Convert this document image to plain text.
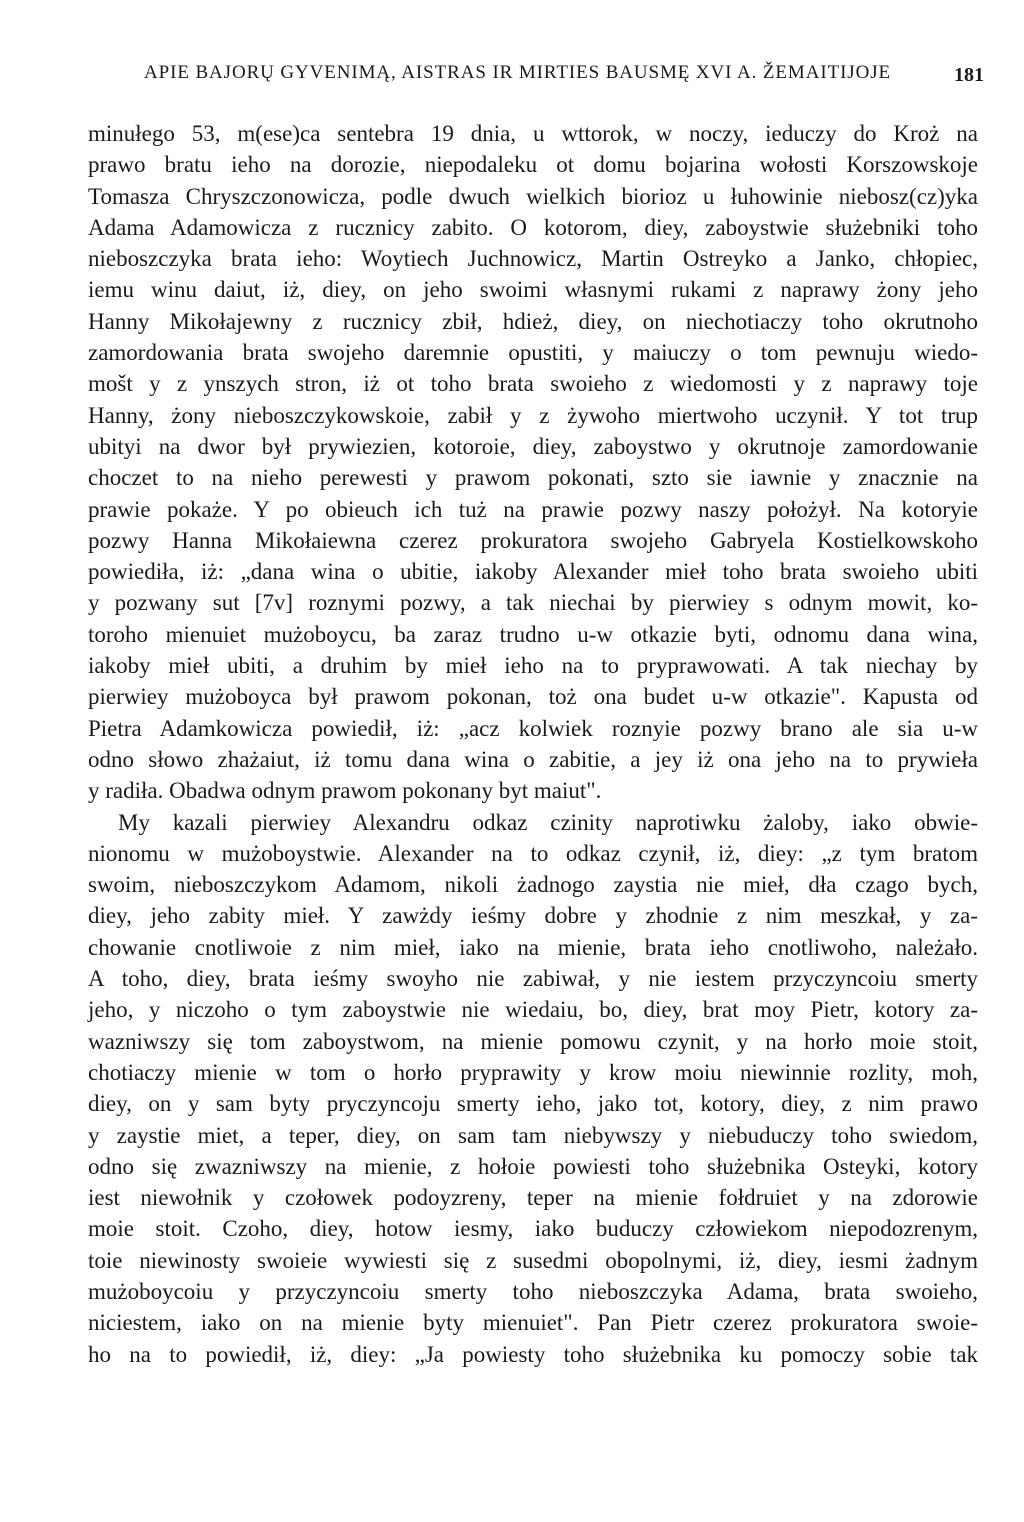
APIE BAJORŲ GYVENIMĄ, AISTRAS IR MIRTIES BAUSMĘ XVI A. ŽEMAITIJOJE	181
minułego 53, m(ese)ca sentebra 19 dnia, u wttorok, w noczy, ieduczy do Kroż na
prawo bratu ieho na dorozie, niepodaleku ot domu bojarina wołosti Korszowskoje
Tomasza Chryszczonowicza, podle dwuch wielkich biorioz u łuhowinie niebosz(cz)yka
Adama Adamowicza z rucznicy zabito. O kotorom, diey, zaboystwie służebniki toho
nieboszczyka brata ieho: Woytiech Juchnowicz, Martin Ostreyko a Janko, chłopiec,
iemu winu daiut, iż, diey, on jeho swoimi własnymi rukami z naprawy żony jeho
Hanny Mikołajewny z rucznicy zbił, hdież, diey, on niechotiaczy toho okrutnoho
zamordowania brata swojeho daremnie opustiti, y maiuczy o tom pewnuju wiedo-
mošt y z ynszych stron, iż ot toho brata swoieho z wiedomosti y z naprawy toje
Hanny, żony nieboszczykowskoie, zabił y z żywoho miertwoho uczynił. Y tot trup
ubityi na dwor był prywiezien, kotoroie, diey, zaboystwo y okrutnoje zamordowanie
choczet to na nieho perewesti y prawom pokonati, szto sie iawnie y znacznie na
prawie pokaże. Y po obieuch ich tuż na prawie pozwy naszy położył. Na kotoryie
pozwy Hanna Mikołaiewna czerez prokuratora swojeho Gabryela Kostielkowskoho
powiediła, iż: „dana wina o ubitie, iakoby Alexander mieł toho brata swoieho ubiti
y pozwany sut [7v] roznymi pozwy, a tak niechai by pierwiey s odnym mowit, ko-
toroho mienuiet mużoboycu, ba zaraz trudno u-w otkazie byti, odnomu dana wina,
iakoby mieł ubiti, a druhim by mieł ieho na to pryprawowati. A tak niechay by
pierwiey mużoboyca był prawom pokonan, toż ona budet u-w otkazie". Kapusta od
Pietra Adamkowicza powiedił, iż: „acz kolwiek roznyie pozwy brano ale sia u-w
odno słowo zhażaiut, iż tomu dana wina o zabitie, a jey iż ona jeho na to prywieła
y radiła. Obadwa odnym prawom pokonany byt maiut".
My kazali pierwiey Alexandru odkaz czinity naprotiwku żaloby, iako obwie-
nionomu w mużoboystwie. Alexander na to odkaz czynił, iż, diey: „z tym bratom
swoim, nieboszczykom Adamom, nikoli żadnogo zaystia nie mieł, dła czago bych,
diey, jeho zabity mieł. Y zawżdy ieśmy dobre y zhodnie z nim meszkał, y za-
chowanie cnotliwoie z nim mieł, iako na mienie, brata ieho cnotliwoho, należało.
A toho, diey, brata ieśmy swoyho nie zabiwał, y nie iestem przyczyncoiu smerty
jeho, y niczoho o tym zaboystwie nie wiedaiu, bo, diey, brat moy Pietr, kotory za-
wazniwszy się tom zaboystwom, na mienie pomowu czynit, y na horło moie stoit,
chotiaczy mienie w tom o horło pryprawity y krow moiu niewinnie rozlity, moh,
diey, on y sam byty pryczyncoju smerty ieho, jako tot, kotory, diey, z nim prawo
y zaystie miet, a teper, diey, on sam tam niebywszy y niebuduczy toho swiedom,
odno się zwazniwszy na mienie, z hołoie powiesti toho służebnika Osteyki, kotory
iest niewołnik y czołowek podoyzreny, teper na mienie fołdruiet y na zdorowie
moie stoit. Czoho, diey, hotow iesmy, iako buduczy człowiekom niepodozrenym,
toie niewinosty swoieie wywiesti się z susedmi obopolnymi, iż, diey, iesmi żadnym
mużoboycoiu y przyczyncoiu smerty toho nieboszczyka Adama, brata swoieho,
niciestem, iako on na mienie byty mienuiet". Pan Pietr czerez prokuratora swoie-
ho na to powiedił, iż, diey: „Ja powiesty toho służebnika ku pomoczy sobie tak
